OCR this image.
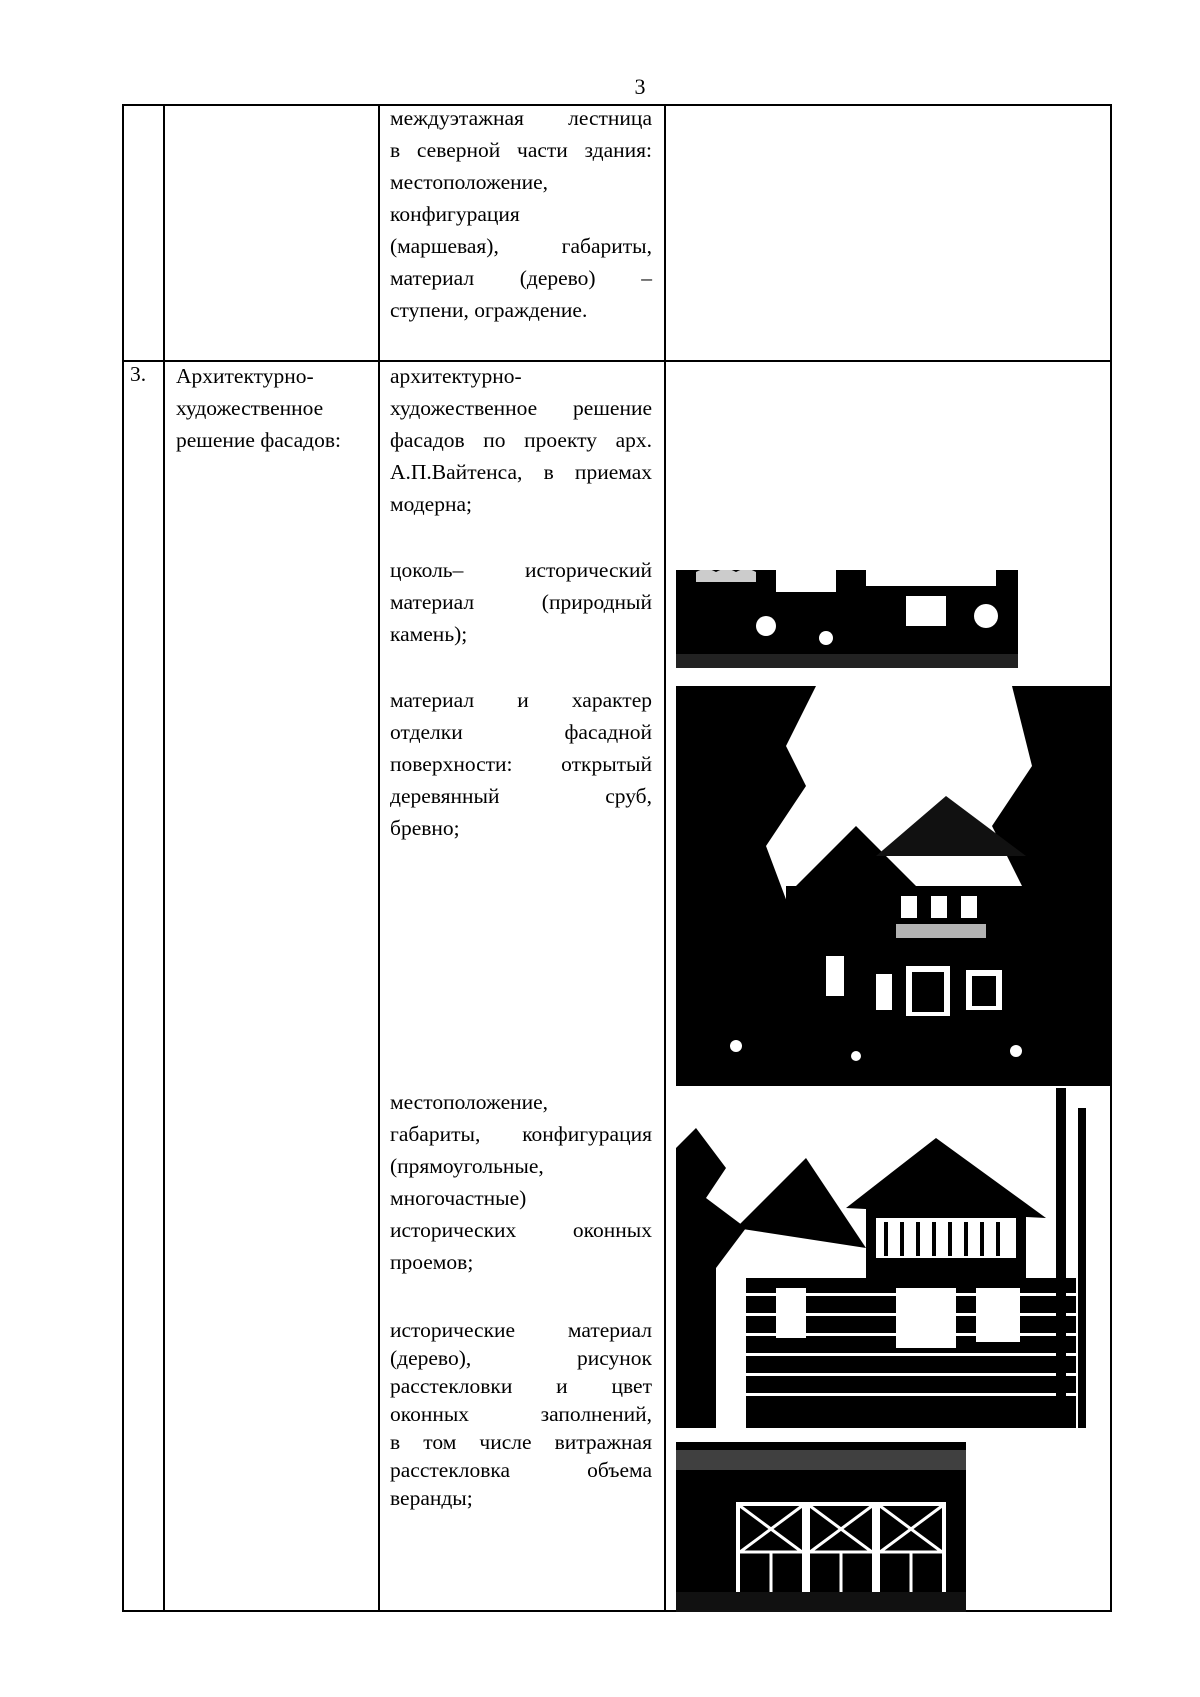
3
междуэтажная лестница
в северной части здания:
местоположение,
конфигурация
(маршевая), габариты,
материал (дерево) –
ступени, ограждение.
3. Архитектурно-
художественное
решение фасадов:
архитектурно-
художественное решение
фасадов по проекту арх.
А.П.Вайтенса, в приемах
модерна;
цоколь– исторический
материал (природный
камень);
материал и характер
отделки фасадной
поверхности: открытый
деревянный сруб,
бревно;
местоположение,
габариты, конфигурация
(прямоугольные,
многочастные)
исторических оконных
проемов;
исторические материал
(дерево), рисунок
расстекловки и цвет
оконных заполнений,
в том числе витражная
расстекловка объема
веранды;
